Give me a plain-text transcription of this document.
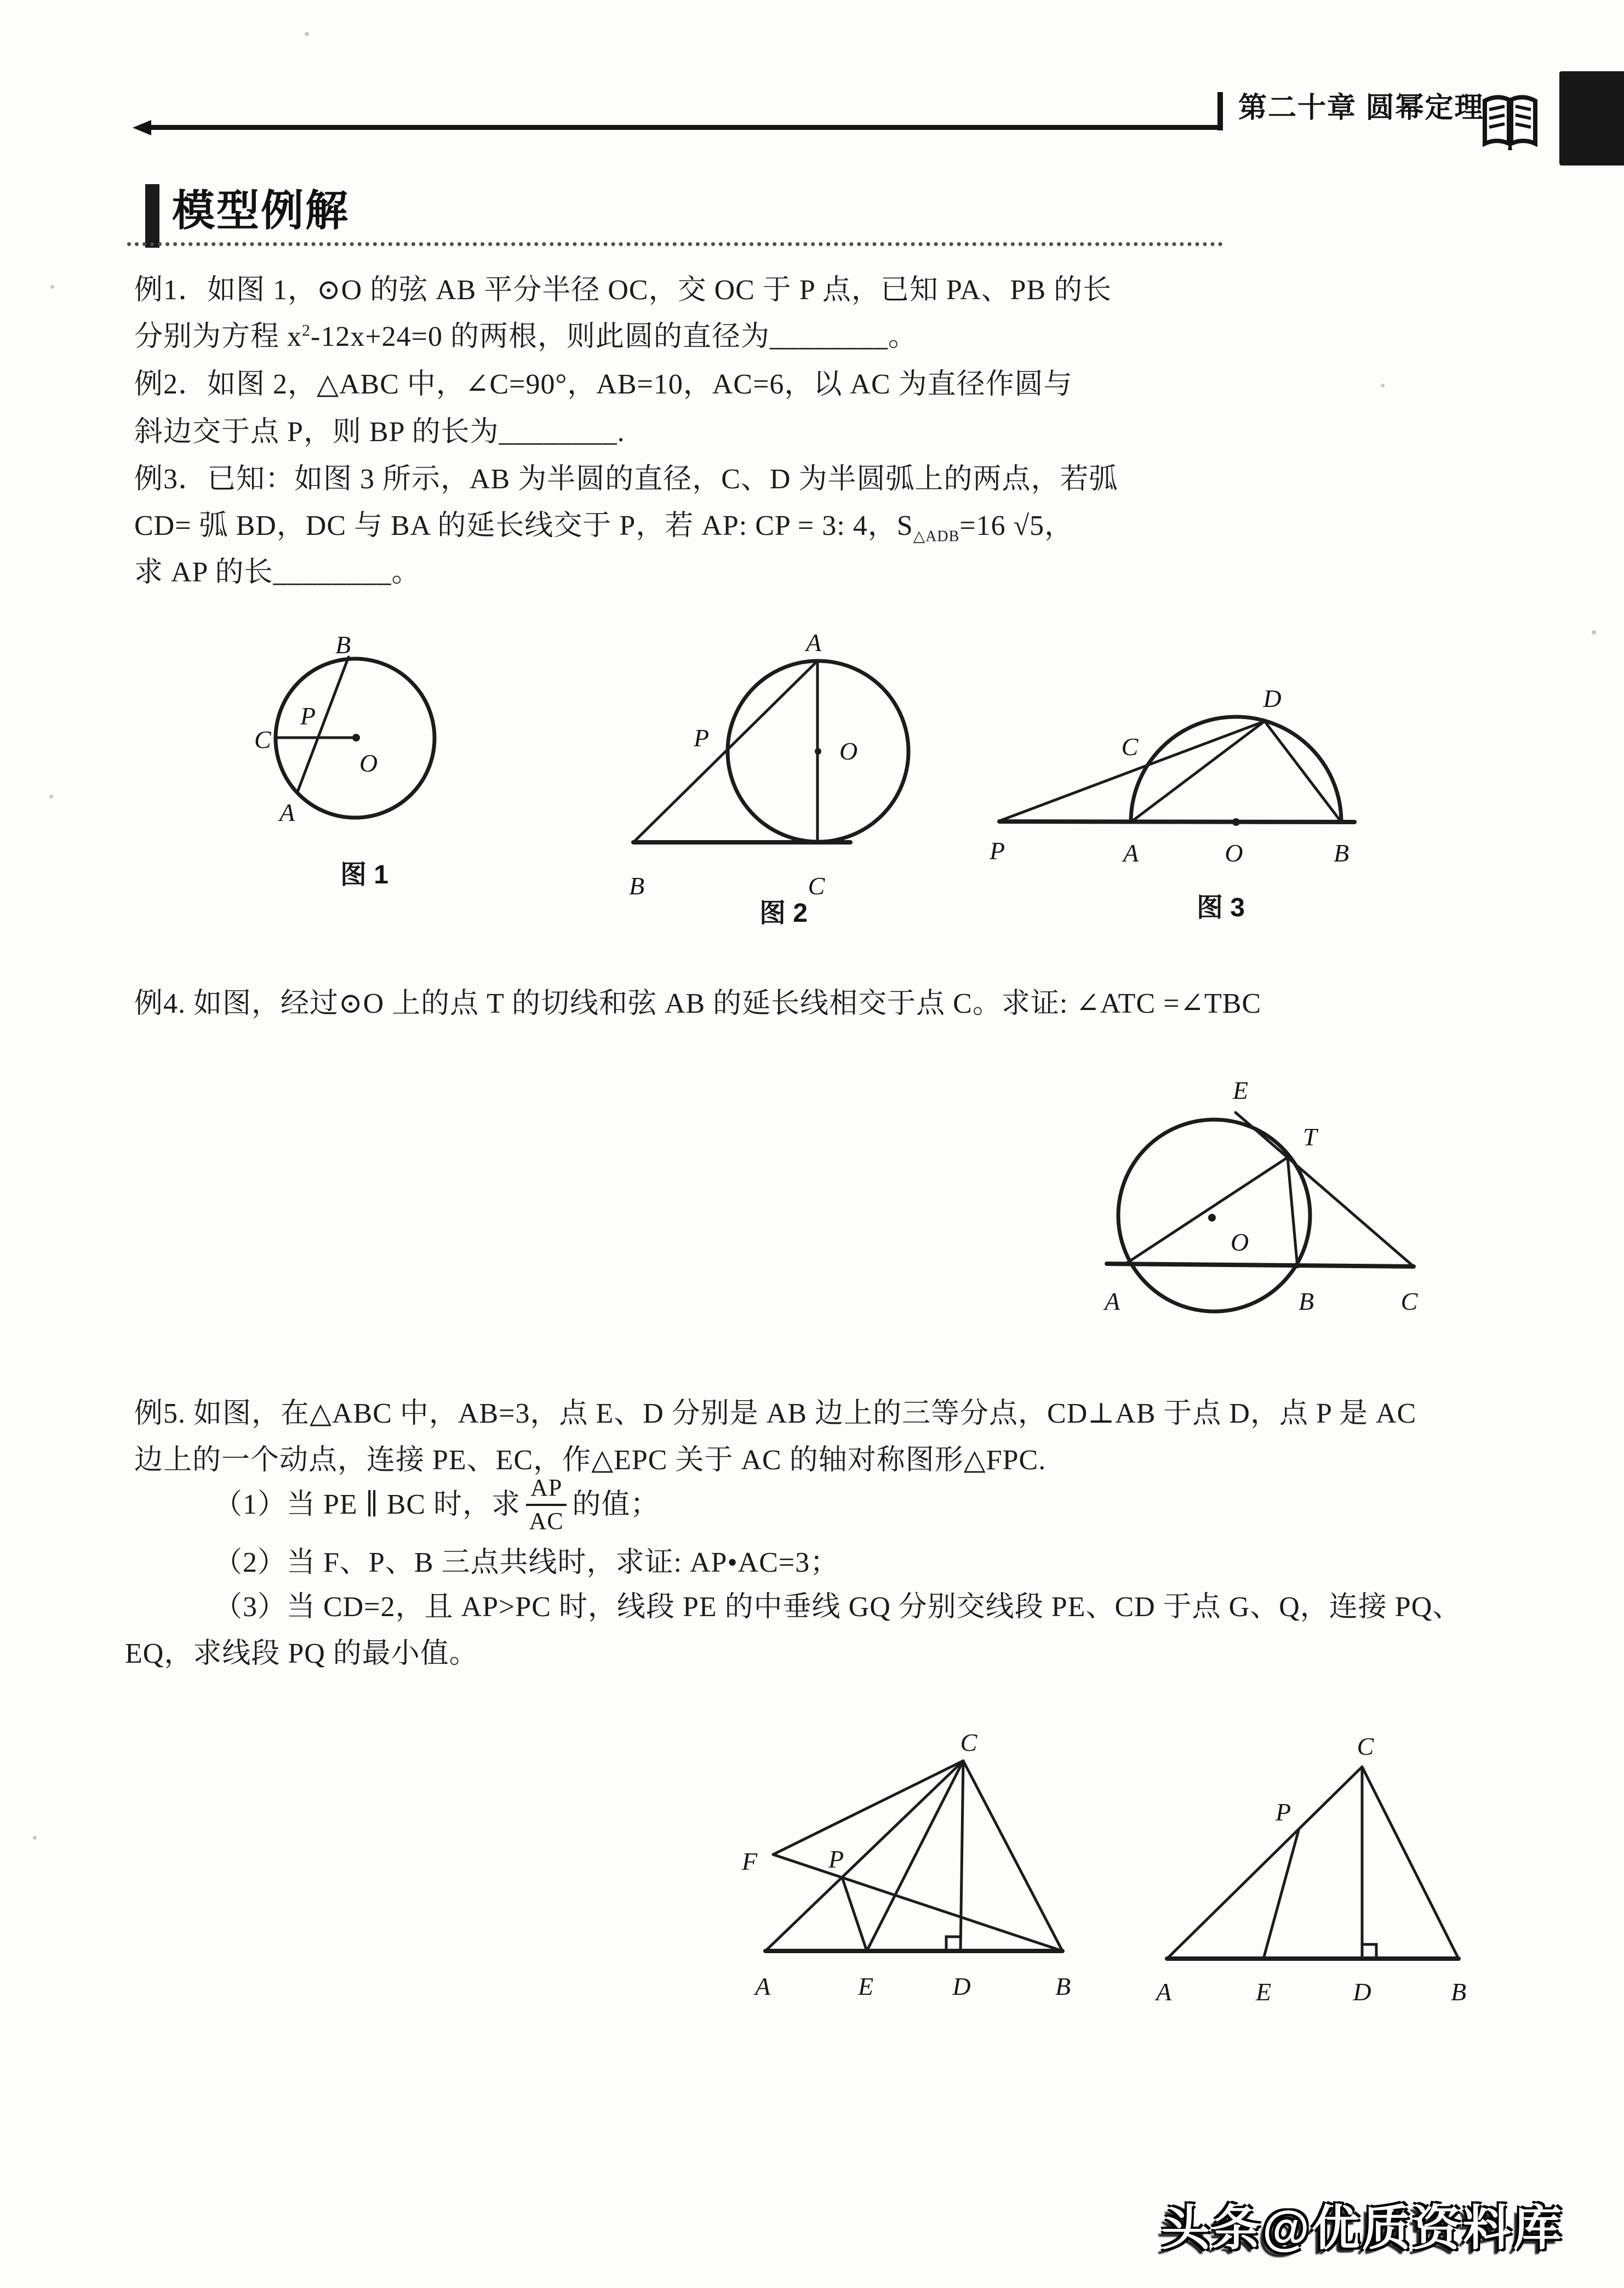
第二十章 圆幂定理
模型例解
例1．如图 1，⊙O 的弦 AB 平分半径 OC，交 OC 于 P 点，已知 PA、PB 的长
分别为方程 $x^2-12x+24=0$ 的两根，则此圆的直径为________。
例2．如图 2，△ABC 中，∠C=90°，AB=10，AC=6，以 AC 为直径作圆与
斜边交于点 P，则 BP 的长为________.
例3．已知：如图 3 所示，AB 为半圆的直径，C、D 为半圆弧上的两点，若弧
CD= 弧 BD，DC 与 BA 的延长线交于 P，若 AP: CP = 3: 4，$S_{\triangle ADB}=16$ √5，
求 AP 的长________。
例4. 如图，经过⊙O 上的点 T 的切线和弦 AB 的延长线相交于点 C。求证: ∠ATC =∠TBC
例5. 如图，在△ABC 中，AB=3，点 E、D 分别是 AB 边上的三等分点，CD⊥AB 于点 D，点 P 是 AC
边上的一个动点，连接 PE、EC，作△EPC 关于 AC 的轴对称图形△FPC.
（1）当 PE ∥ BC 时，求 $\frac{AP}{AC}$ 的值；
（2）当 F、P、B 三点共线时，求证: AP•AC=3；
（3）当 CD=2，且 AP>PC 时，线段 PE 的中垂线 GQ 分别交线段 PE、CD 于点 G、Q，连接 PQ、
EQ，求线段 PQ 的最小值。
B
C
P
O
A
图 1
A
O
P
B	C
图 2
P	A	O	B
C
D
图 3
E
T
A
O
B	C
A	E	D	B
C
F	P
A	E	D	B
C
P
头条@优质资料库
